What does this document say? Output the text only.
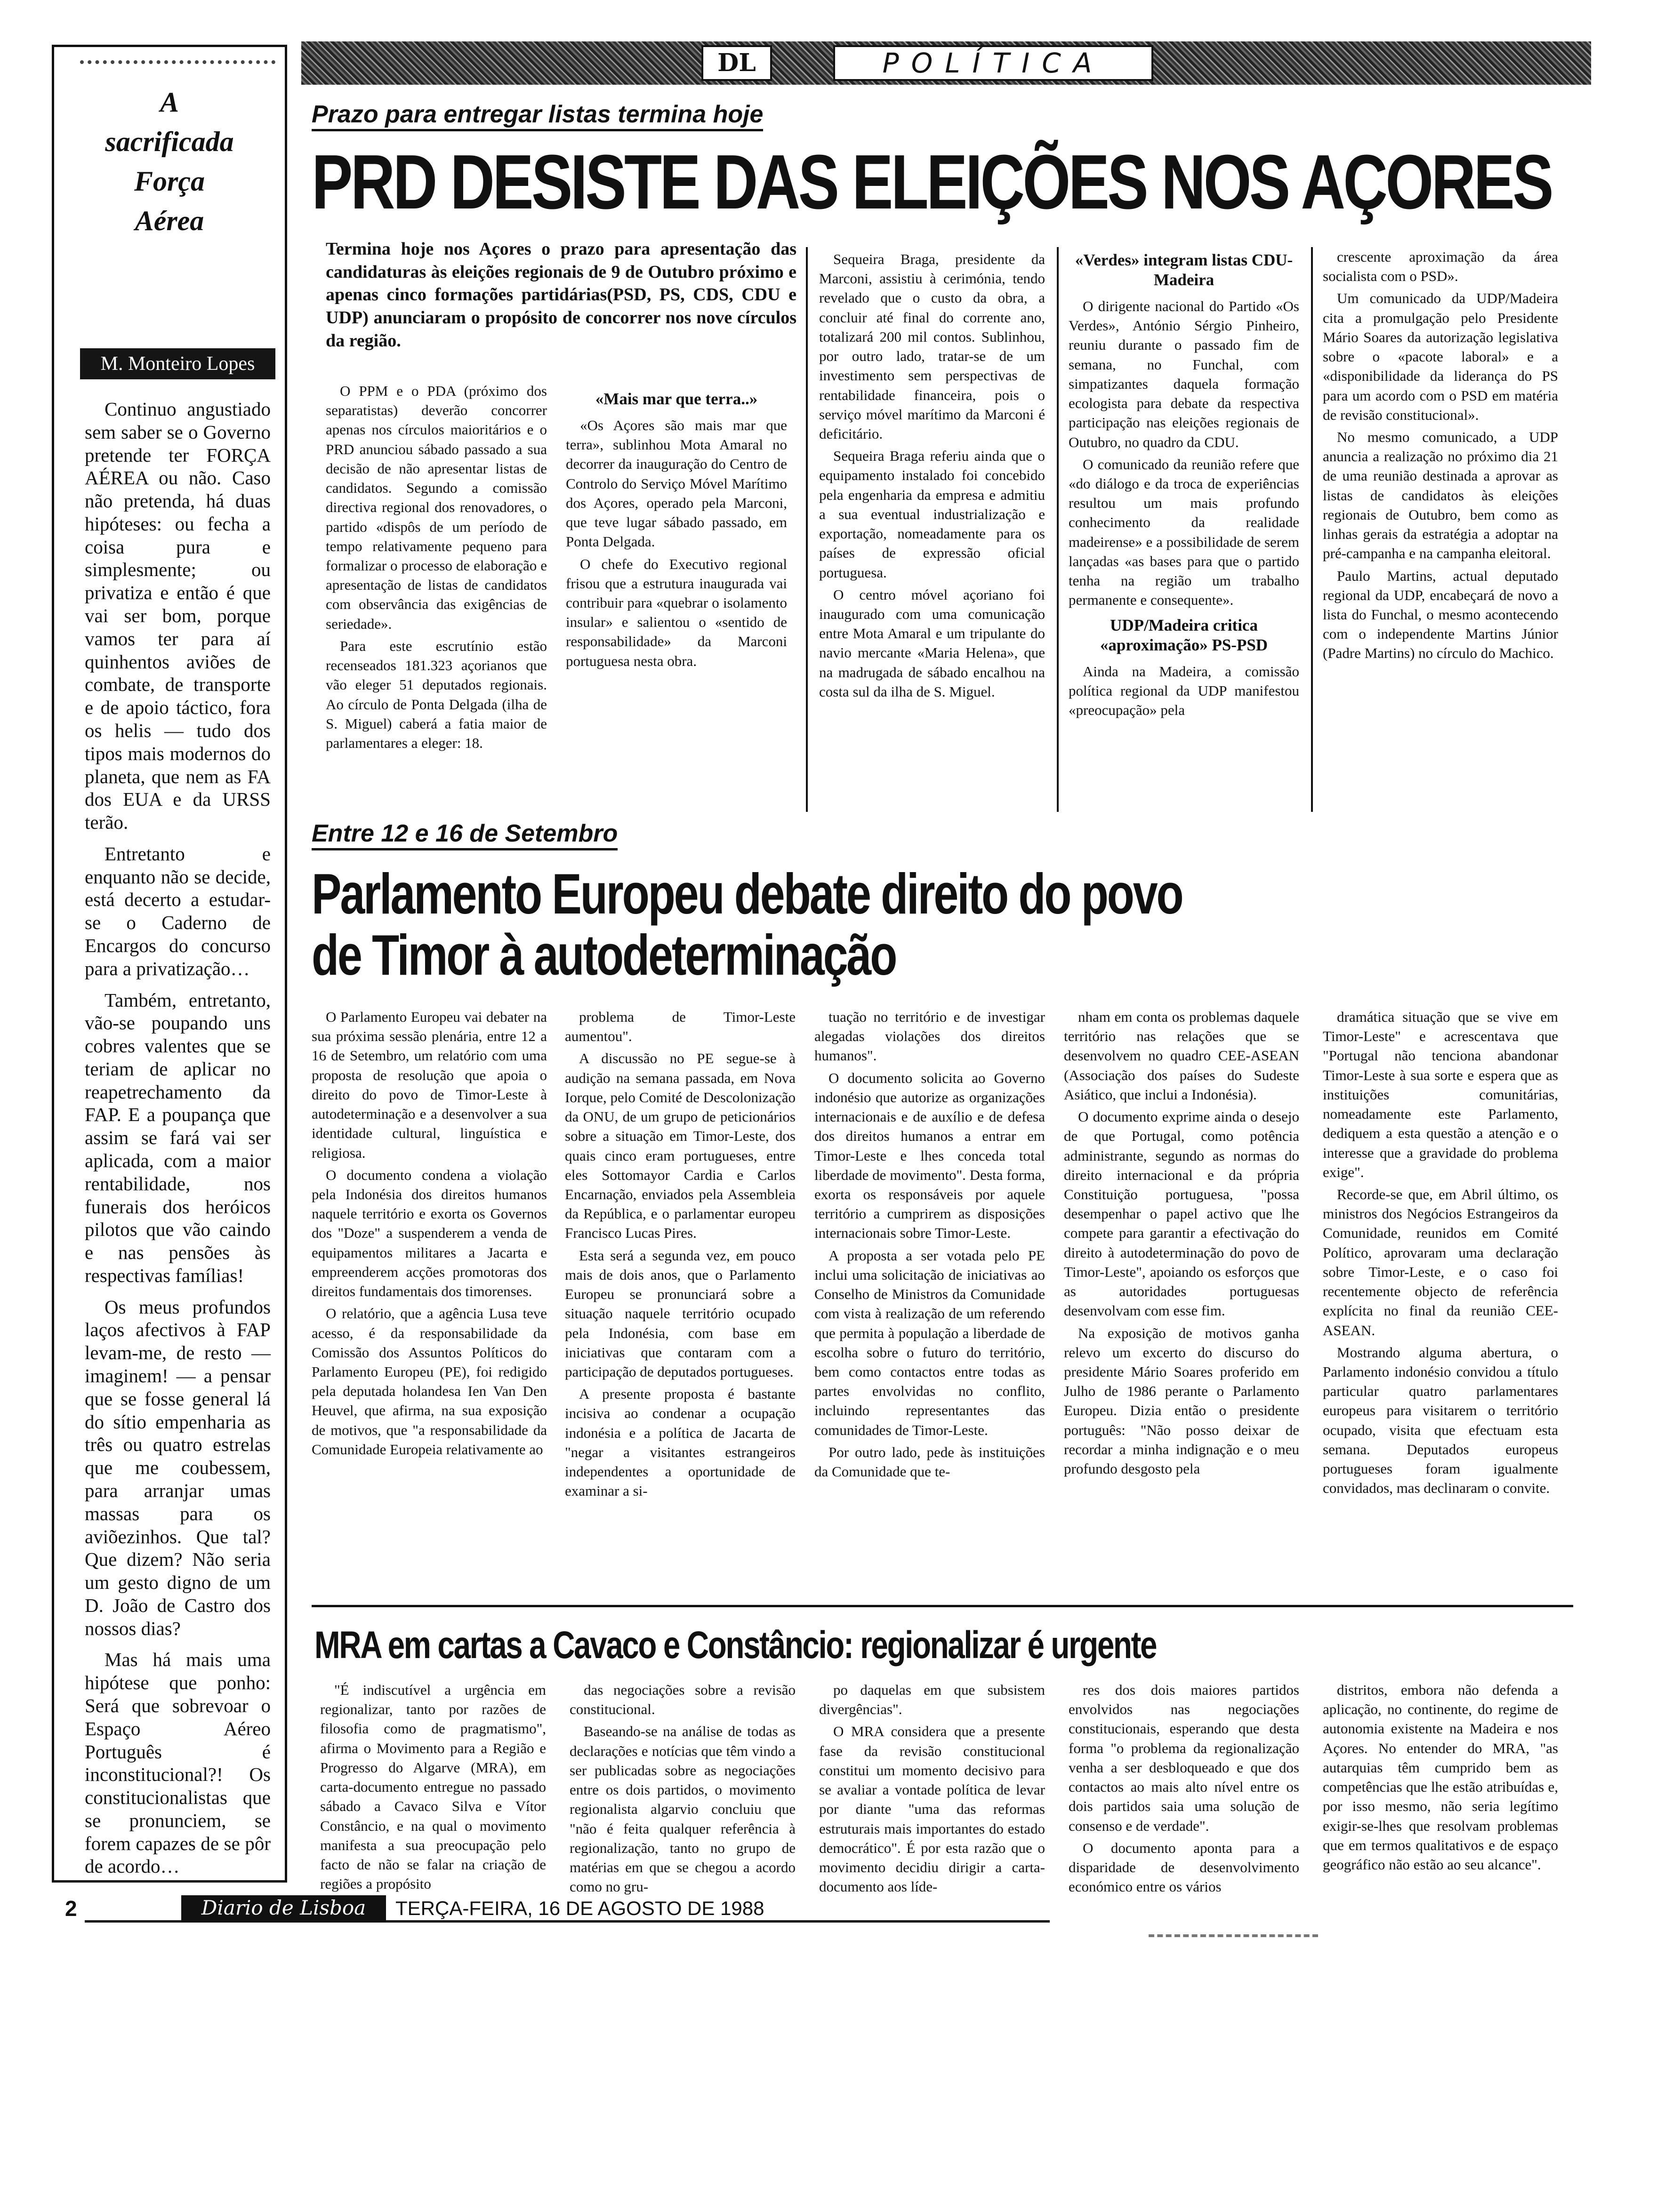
A
sacrificada
Força
Aérea
M. Monteiro Lopes

Continuo angustiado sem saber se o Governo pretende ter FORÇA AÉREA ou não. Caso não pretenda, há duas hipóteses: ou fecha a coisa pura e simplesmente; ou privatiza e então é que vai ser bom, porque vamos ter para aí quinhentos aviões de combate, de transporte e de apoio táctico, fora os helis — tudo dos tipos mais modernos do planeta, que nem as FA dos EUA e da URSS terão.

Entretanto e enquanto não se decide, está decerto a estudar-se o Caderno de Encargos do concurso para a privatização…

Também, entretanto, vão-se poupando uns cobres valentes que se teriam de aplicar no reapetrechamento da FAP. E a poupança que assim se fará vai ser aplicada, com a maior rentabilidade, nos funerais dos heróicos pilotos que vão caindo e nas pensões às respectivas famílias!

Os meus profundos laços afectivos à FAP levam-me, de resto — imaginem! — a pensar que se fosse general lá do sítio empenharia as três ou quatro estrelas que me coubessem, para arranjar umas massas para os aviõezinhos. Que tal? Que dizem? Não seria um gesto digno de um D. João de Castro dos nossos dias?

Mas há mais uma hipótese que ponho: Será que sobrevoar o Espaço Aéreo Português é inconstitucional?! Os constitucionalistas que se pronunciem, se forem capazes de se pôr de acordo…

DL	POLÍTICA
Prazo para entregar listas termina hoje
PRD DESISTE DAS ELEIÇÕES NOS AÇORES
Termina hoje nos Açores o prazo para apresentação das candidaturas às eleições regionais de 9 de Outubro próximo e apenas cinco formações partidárias(PSD, PS, CDS, CDU e UDP) anunciaram o propósito de concorrer nos nove círculos da região.

O PPM e o PDA (próximo dos separatistas) deverão concorrer apenas nos círculos maioritários e o PRD anunciou sábado passado a sua decisão de não apresentar listas de candidatos. Segundo a comissão directiva regional dos renovadores, o partido «dispôs de um período de tempo relativamente pequeno para formalizar o processo de elaboração e apresentação de listas de candidatos com observância das exigências de seriedade».

Para este escrutínio estão recenseados 181.323 açorianos que vão eleger 51 deputados regionais. Ao círculo de Ponta Delgada (ilha de S. Miguel) caberá a fatia maior de parlamentares a eleger: 18.

«Mais mar que terra..»

«Os Açores são mais mar que terra», sublinhou Mota Amaral no decorrer da inauguração do Centro de Controlo do Serviço Móvel Marítimo dos Açores, operado pela Marconi, que teve lugar sábado passado, em Ponta Delgada.

O chefe do Executivo regional frisou que a estrutura inaugurada vai contribuir para «quebrar o isolamento insular» e salientou o «sentido de responsabilidade» da Marconi portuguesa nesta obra.

Sequeira Braga, presidente da Marconi, assistiu à cerimónia, tendo revelado que o custo da obra, a concluir até final do corrente ano, totalizará 200 mil contos. Sublinhou, por outro lado, tratar-se de um investimento sem perspectivas de rentabilidade financeira, pois o serviço móvel marítimo da Marconi é deficitário.

Sequeira Braga referiu ainda que o equipamento instalado foi concebido pela engenharia da empresa e admitiu a sua eventual industrialização e exportação, nomeadamente para os países de expressão oficial portuguesa.

O centro móvel açoriano foi inaugurado com uma comunicação entre Mota Amaral e um tripulante do navio mercante «Maria Helena», que na madrugada de sábado encalhou na costa sul da ilha de S. Miguel.

«Verdes» integram listas CDU-Madeira

O dirigente nacional do Partido «Os Verdes», António Sérgio Pinheiro, reuniu durante o passado fim de semana, no Funchal, com simpatizantes daquela formação ecologista para debate da respectiva participação nas eleições regionais de Outubro, no quadro da CDU.

O comunicado da reunião refere que «do diálogo e da troca de experiências resultou um mais profundo conhecimento da realidade madeirense» e a possibilidade de serem lançadas «as bases para que o partido tenha na região um trabalho permanente e consequente».

UDP/Madeira critica «aproximação» PS-PSD

Ainda na Madeira, a comissão política regional da UDP manifestou «preocupação» pela

crescente aproximação da área socialista com o PSD».

Um comunicado da UDP/Madeira cita a promulgação pelo Presidente Mário Soares da autorização legislativa sobre o «pacote laboral» e a «disponibilidade da liderança do PS para um acordo com o PSD em matéria de revisão constitucional».

No mesmo comunicado, a UDP anuncia a realização no próximo dia 21 de uma reunião destinada a aprovar as listas de candidatos às eleições regionais de Outubro, bem como as linhas gerais da estratégia a adoptar na pré-campanha e na campanha eleitoral.

Paulo Martins, actual deputado regional da UDP, encabeçará de novo a lista do Funchal, o mesmo acontecendo com o independente Martins Júnior (Padre Martins) no círculo do Machico.

Entre 12 e 16 de Setembro
Parlamento Europeu debate direito do povo
de Timor à autodeterminação

O Parlamento Europeu vai debater na sua próxima sessão plenária, entre 12 a 16 de Setembro, um relatório com uma proposta de resolução que apoia o direito do povo de Timor-Leste à autodeterminação e a desenvolver a sua identidade cultural, linguística e religiosa.

O documento condena a violação pela Indonésia dos direitos humanos naquele território e exorta os Governos dos "Doze" a suspenderem a venda de equipamentos militares a Jacarta e empreenderem acções promotoras dos direitos fundamentais dos timorenses.

O relatório, que a agência Lusa teve acesso, é da responsabilidade da Comissão dos Assuntos Políticos do Parlamento Europeu (PE), foi redigido pela deputada holandesa Ien Van Den Heuvel, que afirma, na sua exposição de motivos, que "a responsabilidade da Comunidade Europeia relativamente ao

problema de Timor-Leste aumentou".

A discussão no PE segue-se à audição na semana passada, em Nova Iorque, pelo Comité de Descolonização da ONU, de um grupo de peticionários sobre a situação em Timor-Leste, dos quais cinco eram portugueses, entre eles Sottomayor Cardia e Carlos Encarnação, enviados pela Assembleia da República, e o parlamentar europeu Francisco Lucas Pires.

Esta será a segunda vez, em pouco mais de dois anos, que o Parlamento Europeu se pronunciará sobre a situação naquele território ocupado pela Indonésia, com base em iniciativas que contaram com a participação de deputados portugueses.

A presente proposta é bastante incisiva ao condenar a ocupação indonésia e a política de Jacarta de "negar a visitantes estrangeiros independentes a oportunidade de examinar a si-

tuação no território e de investigar alegadas violações dos direitos humanos".

O documento solicita ao Governo indonésio que autorize as organizações internacionais e de auxílio e de defesa dos direitos humanos a entrar em Timor-Leste e lhes conceda total liberdade de movimento". Desta forma, exorta os responsáveis por aquele território a cumprirem as disposições internacionais sobre Timor-Leste.

A proposta a ser votada pelo PE inclui uma solicitação de iniciativas ao Conselho de Ministros da Comunidade com vista à realização de um referendo que permita à população a liberdade de escolha sobre o futuro do território, bem como contactos entre todas as partes envolvidas no conflito, incluindo representantes das comunidades de Timor-Leste.

Por outro lado, pede às instituições da Comunidade que te-

nham em conta os problemas daquele território nas relações que se desenvolvem no quadro CEE-ASEAN (Associação dos países do Sudeste Asiático, que inclui a Indonésia).

O documento exprime ainda o desejo de que Portugal, como potência administrante, segundo as normas do direito internacional e da própria Constituição portuguesa, "possa desempenhar o papel activo que lhe compete para garantir a efectivação do direito à autodeterminação do povo de Timor-Leste", apoiando os esforços que as autoridades portuguesas desenvolvam com esse fim.

Na exposição de motivos ganha relevo um excerto do discurso do presidente Mário Soares proferido em Julho de 1986 perante o Parlamento Europeu. Dizia então o presidente português: "Não posso deixar de recordar a minha indignação e o meu profundo desgosto pela

dramática situação que se vive em Timor-Leste" e acrescentava que "Portugal não tenciona abandonar Timor-Leste à sua sorte e espera que as instituições comunitárias, nomeadamente este Parlamento, dediquem a esta questão a atenção e o interesse que a gravidade do problema exige".

Recorde-se que, em Abril último, os ministros dos Negócios Estrangeiros da Comunidade, reunidos em Comité Político, aprovaram uma declaração sobre Timor-Leste, e o caso foi recentemente objecto de referência explícita no final da reunião CEE-ASEAN.

Mostrando alguma abertura, o Parlamento indonésio convidou a título particular quatro parlamentares europeus para visitarem o território ocupado, visita que efectuam esta semana. Deputados europeus portugueses foram igualmente convidados, mas declinaram o convite.

MRA em cartas a Cavaco e Constâncio: regionalizar é urgente

"É indiscutível a urgência em regionalizar, tanto por razões de filosofia como de pragmatismo", afirma o Movimento para a Região e Progresso do Algarve (MRA), em carta-documento entregue no passado sábado a Cavaco Silva e Vítor Constâncio, e na qual o movimento manifesta a sua preocupação pelo facto de não se falar na criação de regiões a propósito

das negociações sobre a revisão constitucional.

Baseando-se na análise de todas as declarações e notícias que têm vindo a ser publicadas sobre as negociações entre os dois partidos, o movimento regionalista algarvio concluiu que "não é feita qualquer referência à regionalização, tanto no grupo de matérias em que se chegou a acordo como no gru-

po daquelas em que subsistem divergências".

O MRA considera que a presente fase da revisão constitucional constitui um momento decisivo para se avaliar a vontade política de levar por diante "uma das reformas estruturais mais importantes do estado democrático". É por esta razão que o movimento decidiu dirigir a carta-documento aos líde-

res dos dois maiores partidos envolvidos nas negociações constitucionais, esperando que desta forma "o problema da regionalização venha a ser desbloqueado e que dos contactos ao mais alto nível entre os dois partidos saia uma solução de consenso e de verdade".

O documento aponta para a disparidade de desenvolvimento económico entre os vários

distritos, embora não defenda a aplicação, no continente, do regime de autonomia existente na Madeira e nos Açores. No entender do MRA, "as autarquias têm cumprido bem as competências que lhe estão atribuídas e, por isso mesmo, não seria legítimo exigir-se-lhes que resolvam problemas que em termos qualitativos e de espaço geográfico não estão ao seu alcance".

2	Diario de Lisboa	TERÇA-FEIRA, 16 DE AGOSTO DE 1988
